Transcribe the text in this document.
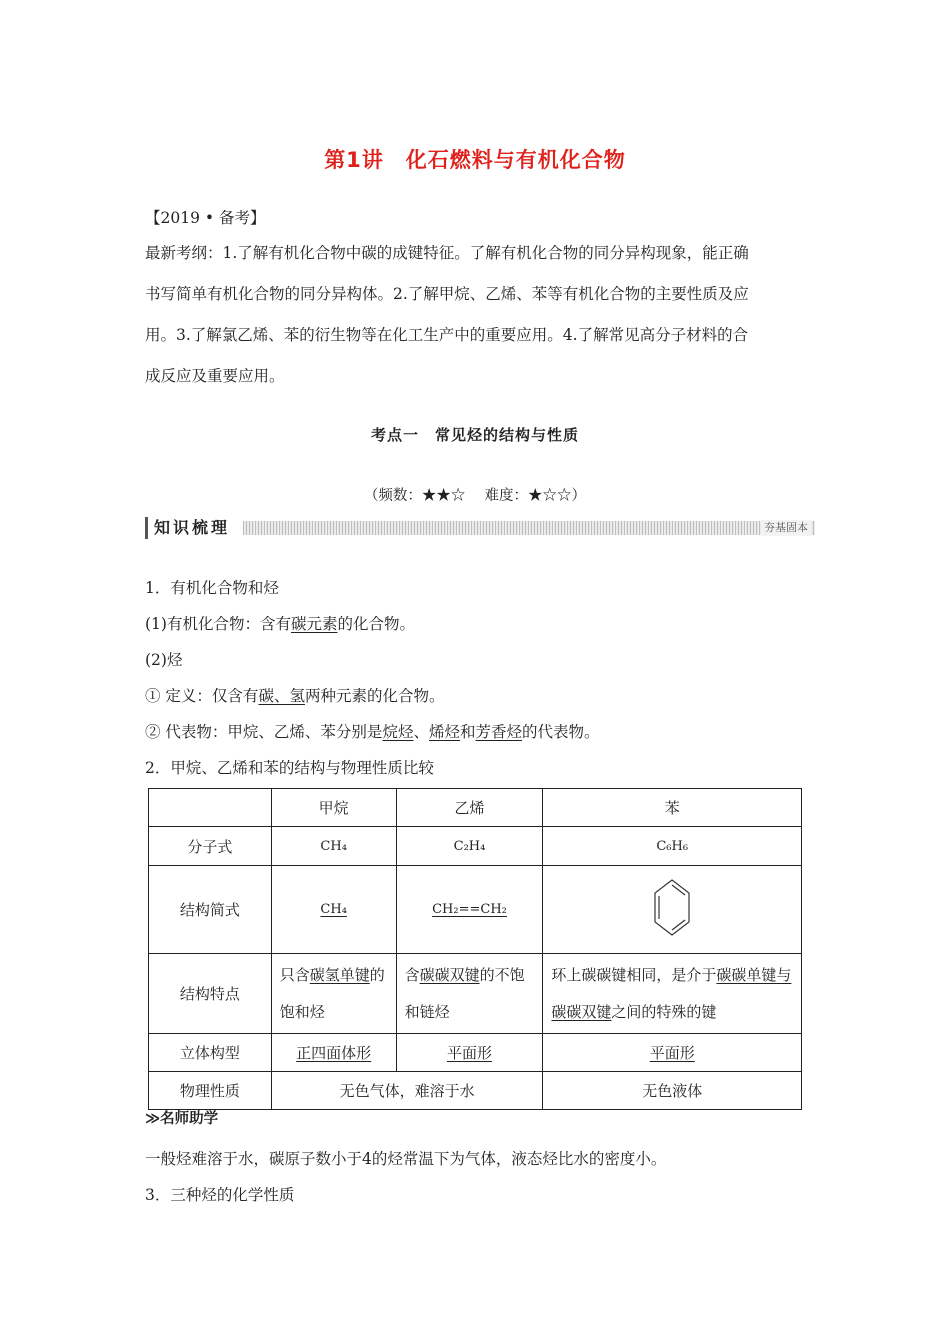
第1讲　化石燃料与有机化合物
【2019 • 备考】
最新考纲：1.了解有机化合物中碳的成键特征。了解有机化合物的同分异构现象，能正确
书写简单有机化合物的同分异构体。2.了解甲烷、乙烯、苯等有机化合物的主要性质及应
用。3.了解氯乙烯、苯的衍生物等在化工生产中的重要应用。4.了解常见高分子材料的合
成反应及重要应用。
考点一　常见烃的结构与性质
（频数：★★☆　 难度：★☆☆）
知识梳理	夯基固本
1．有机化合物和烃
(1)有机化合物：含有碳元素的化合物。
(2)烃
① 定义：仅含有碳、氢两种元素的化合物。
② 代表物：甲烷、乙烯、苯分别是烷烃、烯烃和芳香烃的代表物。
2．甲烷、乙烯和苯的结构与物理性质比较
	甲烷	乙烯	苯
分子式	CH₄	C₂H₄	C₆H₆
结构简式	CH₄	CH₂==CH₂	
结构特点	只含碳氢单键的饱和烃	含碳碳双键的不饱和链烃	环上碳碳键相同，是介于碳碳单键与碳碳双键之间的特殊的键
立体构型	正四面体形	平面形	平面形
物理性质	无色气体，难溶于水		无色液体
≫名师助学
一般烃难溶于水，碳原子数小于4的烃常温下为气体，液态烃比水的密度小。
3．三种烃的化学性质
